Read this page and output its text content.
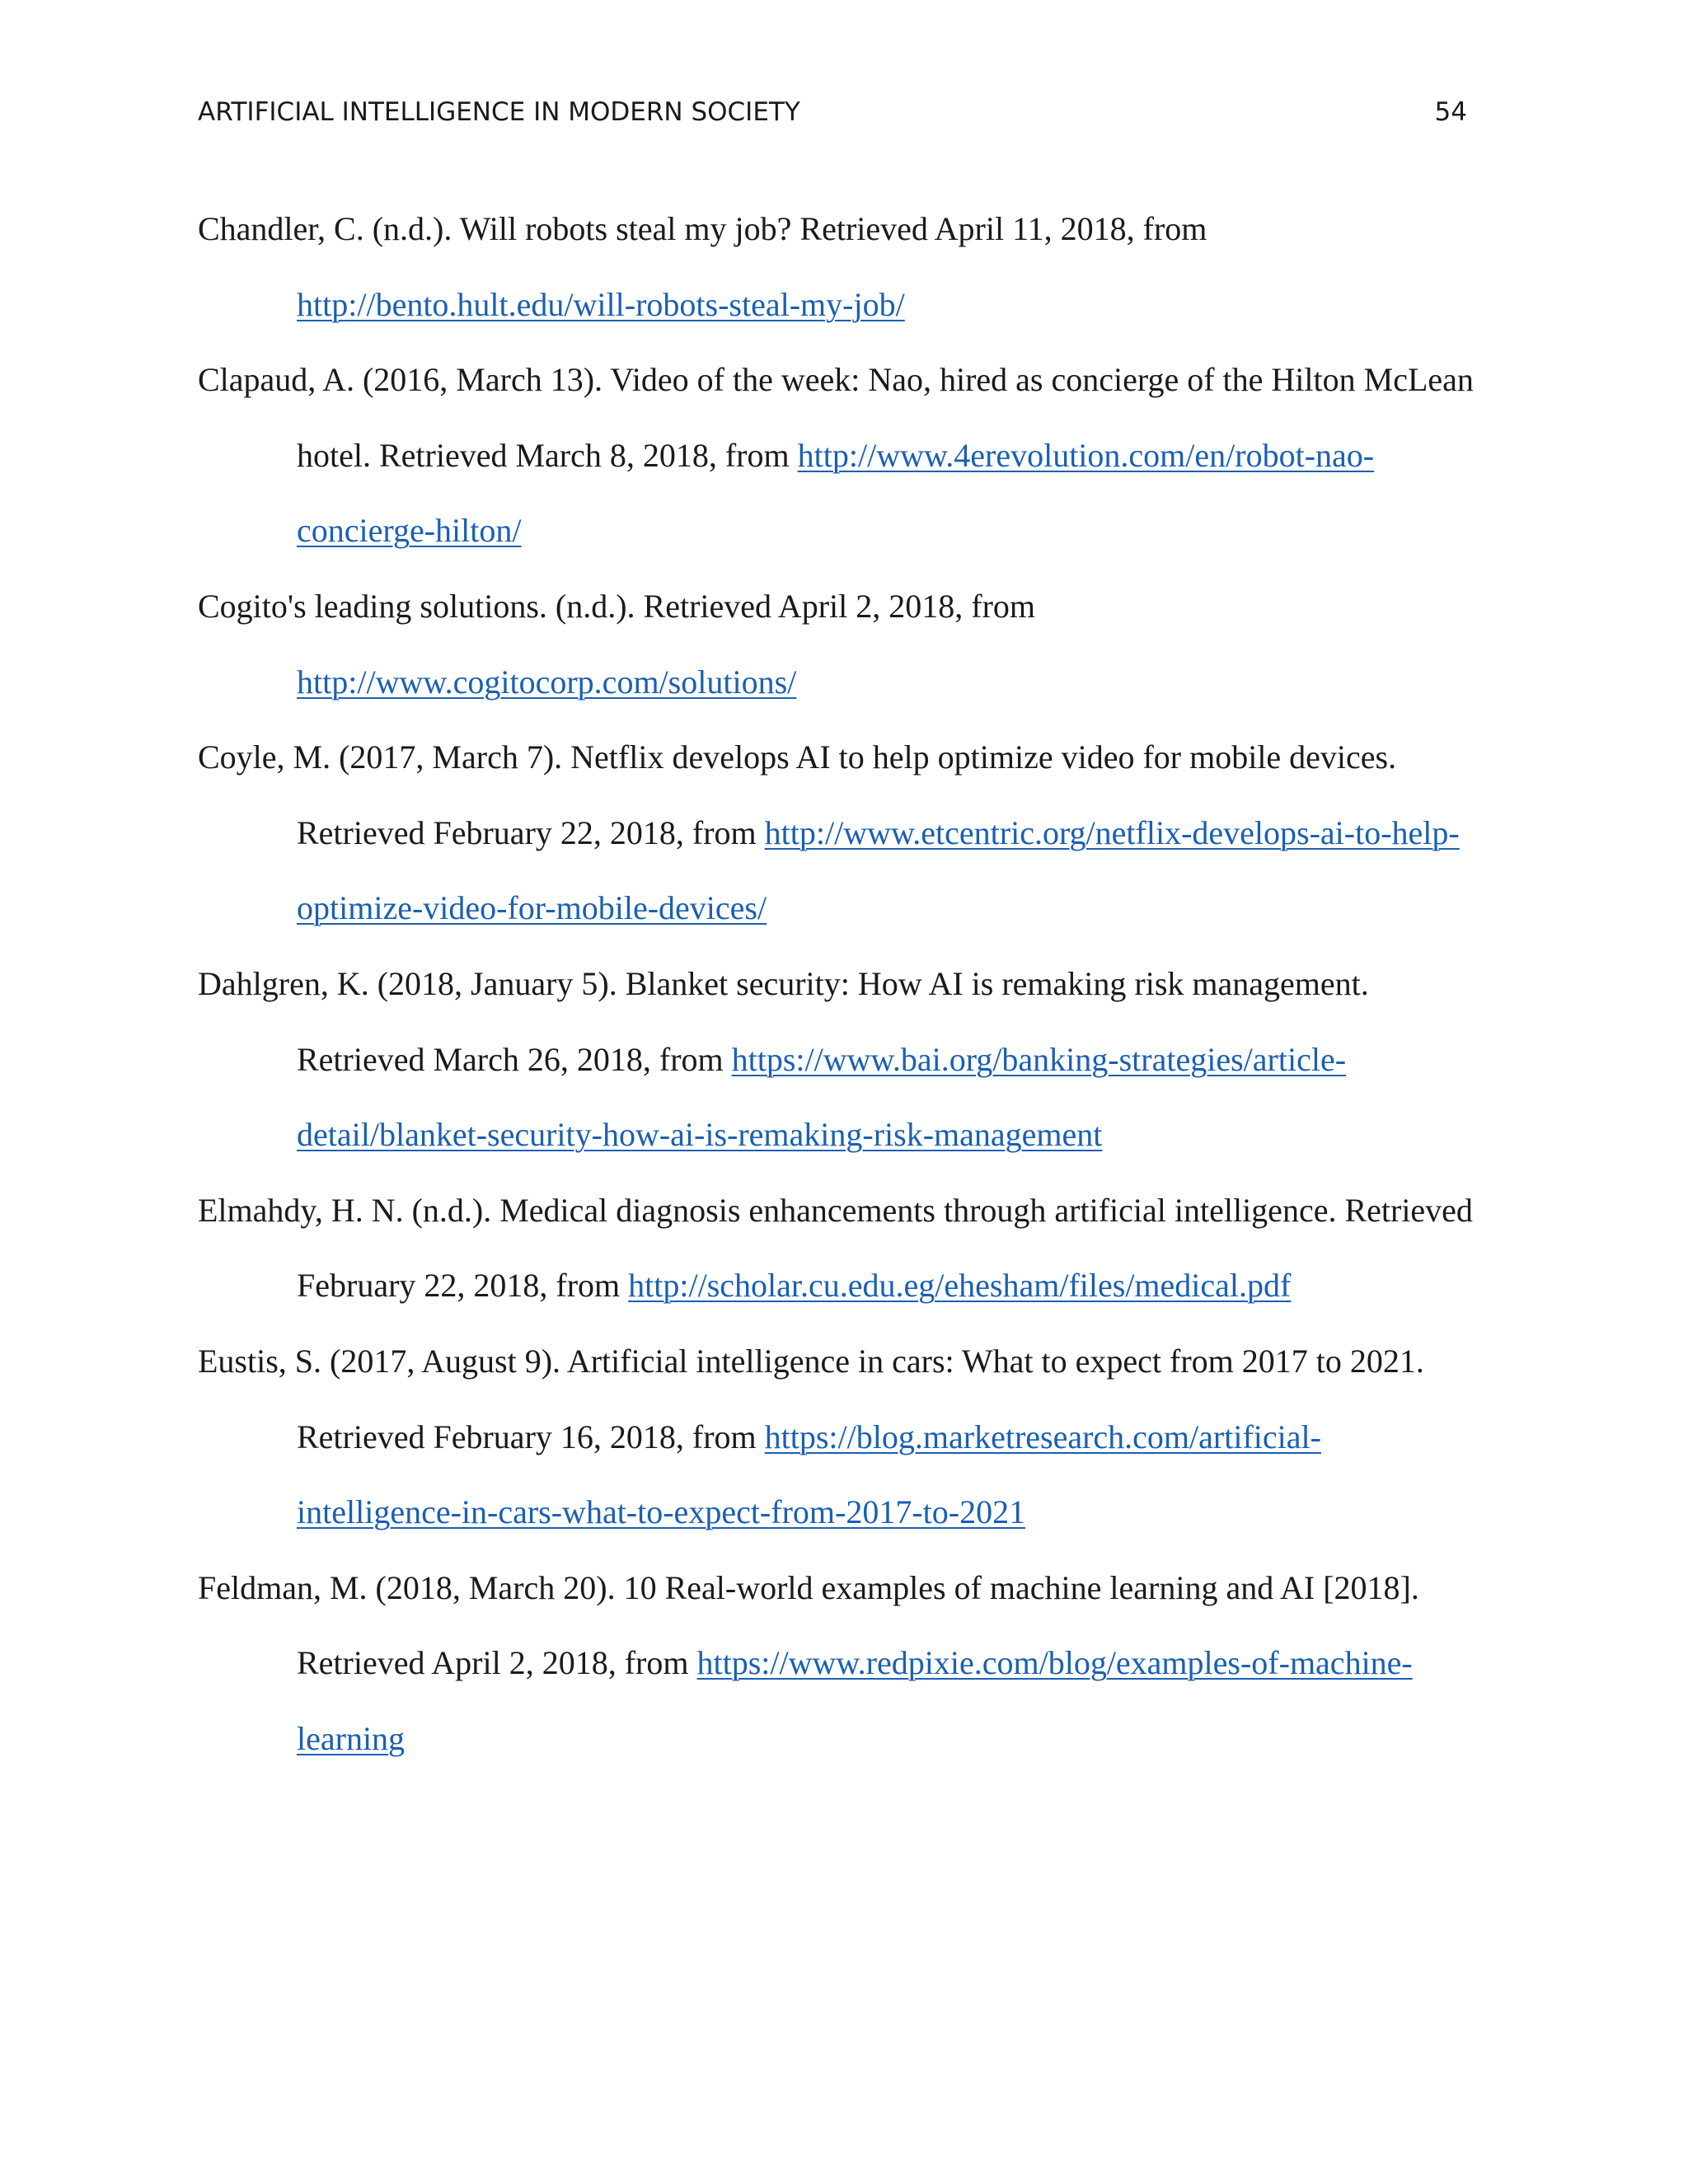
ARTIFICIAL INTELLIGENCE IN MODERN SOCIETY	54

Chandler, C. (n.d.). Will robots steal my job? Retrieved April 11, 2018, from
http://bento.hult.edu/will-robots-steal-my-job/

Clapaud, A. (2016, March 13). Video of the week: Nao, hired as concierge of the Hilton McLean hotel. Retrieved March 8, 2018, from http://www.4erevolution.com/en/robot-nao-concierge-hilton/

Cogito's leading solutions. (n.d.). Retrieved April 2, 2018, from
http://www.cogitocorp.com/solutions/

Coyle, M. (2017, March 7). Netflix develops AI to help optimize video for mobile devices. Retrieved February 22, 2018, from http://www.etcentric.org/netflix-develops-ai-to-help-optimize-video-for-mobile-devices/

Dahlgren, K. (2018, January 5). Blanket security: How AI is remaking risk management. Retrieved March 26, 2018, from https://www.bai.org/banking-strategies/article-detail/blanket-security-how-ai-is-remaking-risk-management

Elmahdy, H. N. (n.d.). Medical diagnosis enhancements through artificial intelligence. Retrieved February 22, 2018, from http://scholar.cu.edu.eg/ehesham/files/medical.pdf

Eustis, S. (2017, August 9). Artificial intelligence in cars: What to expect from 2017 to 2021. Retrieved February 16, 2018, from https://blog.marketresearch.com/artificial-intelligence-in-cars-what-to-expect-from-2017-to-2021

Feldman, M. (2018, March 20). 10 Real-world examples of machine learning and AI [2018]. Retrieved April 2, 2018, from https://www.redpixie.com/blog/examples-of-machine-learning
